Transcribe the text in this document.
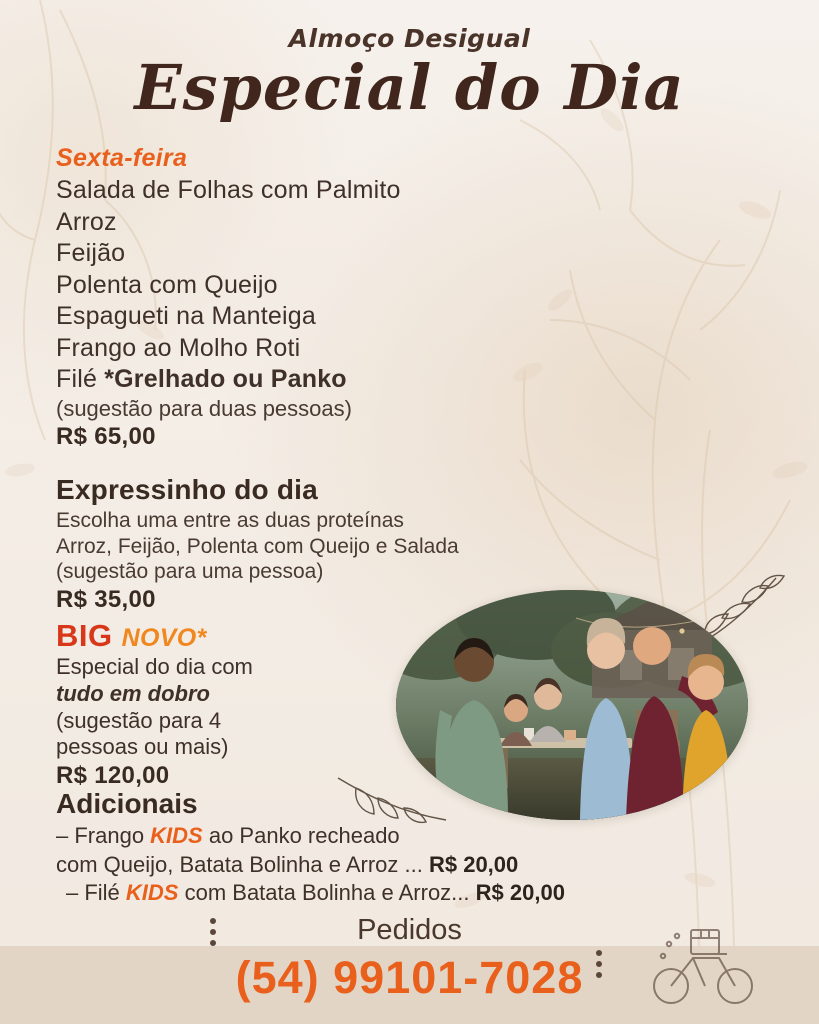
Almoço Desigual
Especial do Dia
Sexta-feira
Salada de Folhas com Palmito
Arroz
Feijão
Polenta com Queijo
Espagueti na Manteiga
Frango ao Molho Roti
Filé *Grelhado ou Panko
(sugestão para duas pessoas)
R$ 65,00
Expressinho do dia
Escolha uma entre as duas proteínas
Arroz, Feijão, Polenta com Queijo e Salada
(sugestão para uma pessoa)
R$ 35,00
BIG NOVO*
Especial do dia com
tudo em dobro
(sugestão para 4
pessoas ou mais)
R$ 120,00
Adicionais
– Frango KIDS ao Panko recheado
com Queijo, Batata Bolinha e Arroz ... R$ 20,00
– Filé KIDS com Batata Bolinha e Arroz... R$ 20,00
Pedidos
(54) 99101-7028
